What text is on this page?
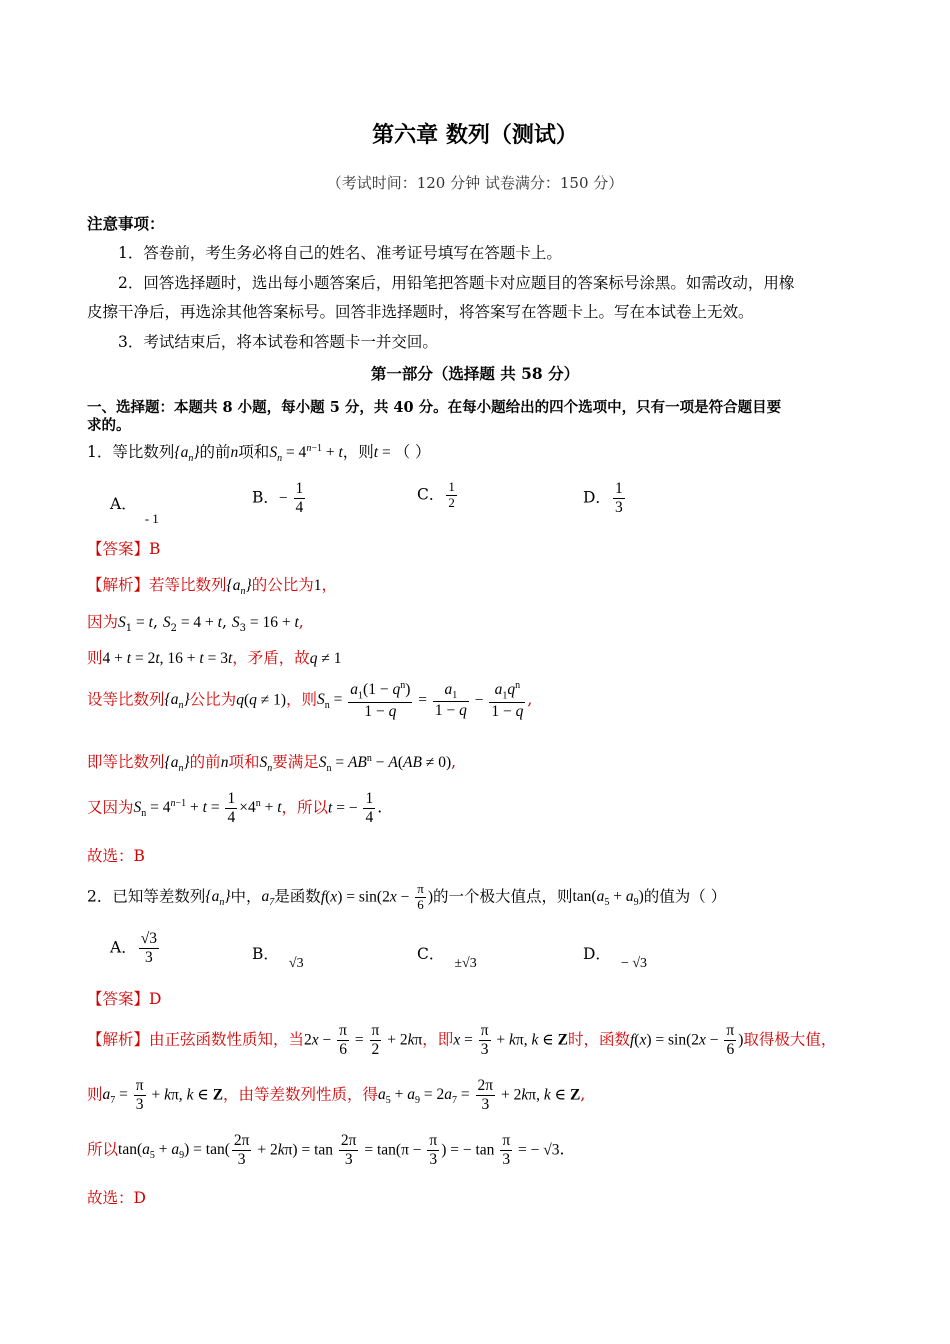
第六章 数列（测试）
（考试时间：120 分钟 试卷满分：150 分）
注意事项：
1．答卷前，考生务必将自己的姓名、准考证号填写在答题卡上。
2．回答选择题时，选出每小题答案后，用铅笔把答题卡对应题目的答案标号涂黑。如需改动，用橡
皮擦干净后，再选涂其他答案标号。回答非选择题时，将答案写在答题卡上。写在本试卷上无效。
3．考试结束后，将本试卷和答题卡一并交回。
第一部分（选择题 共 58 分）
一、选择题：本题共 8 小题，每小题 5 分，共 40 分。在每小题给出的四个选项中，只有一项是符合题目要
求的。
1．等比数列$\{a_n\}$的前n项和$S_n = 4^{n-1} + t$，则t = （ ）
A．$_{- 1}$
B．− $\frac{1}{4}$	C． $\frac{1}{2}$	D． $\frac{1}{3}$
【答案】B
【解析】若等比数列$\{a_n\}$的公比为1，
因为$S_1 = t$, $S_2 = 4 + t$, $S_3 = 16 + t$,
则4 + t = 2t, 16 + t = 3t，矛盾，故q ≠ 1
设等比数列$\{a_n\}$公比为q(q ≠ 1)，则$S_n = \frac{a_1(1 - q^n)}{1 - q} = \frac{a_1}{1 - q} - \frac{a_1q^n}{1 - q}$ ,
即等比数列$\{a_n\}$的前n项和$S_n$要满足$S_n = AB^n - A(AB \ne 0)$,
又因为$S_n = 4^{n-1} + t = \frac{1}{4} \times 4^n + t$，所以t = − $\frac{1}{4}$ .
故选：B
2．已知等差数列$\{a_n\}$中，$a_7$是函数$f(x) = \sin(2x - \frac{\pi}{6}$ )的一个极大值点，则$\tan(a_5 + a_9)$的值为（ ）
A． $\frac{√3}{3}$	B．√3
C．±√3
D．− √3
【答案】D
【解析】由正弦函数性质知，当$2x - \frac{\pi}{6} = \frac{\pi}{2} + 2k\pi$，即$x = \frac{\pi}{3} + k\pi$, k ∈ Z时，函数$f(x) = \sin(2x - \frac{\pi}{6}$ )取得极大值，
则$a_7 = \frac{\pi}{3} + k\pi$, k ∈ Z，由等差数列性质，得$a_5 + a_9 = 2a_7 = \frac{2\pi}{3} + 2k\pi$, k ∈ Z,
所以$\tan(a_5 + a_9) = \tan( \frac{2\pi}{3} + 2k\pi) = \tan \frac{2\pi}{3} = \tan(\pi - \frac{\pi}{3}$ ) = − $\tan \frac{\pi}{3}$ = − √3.
故选：D
